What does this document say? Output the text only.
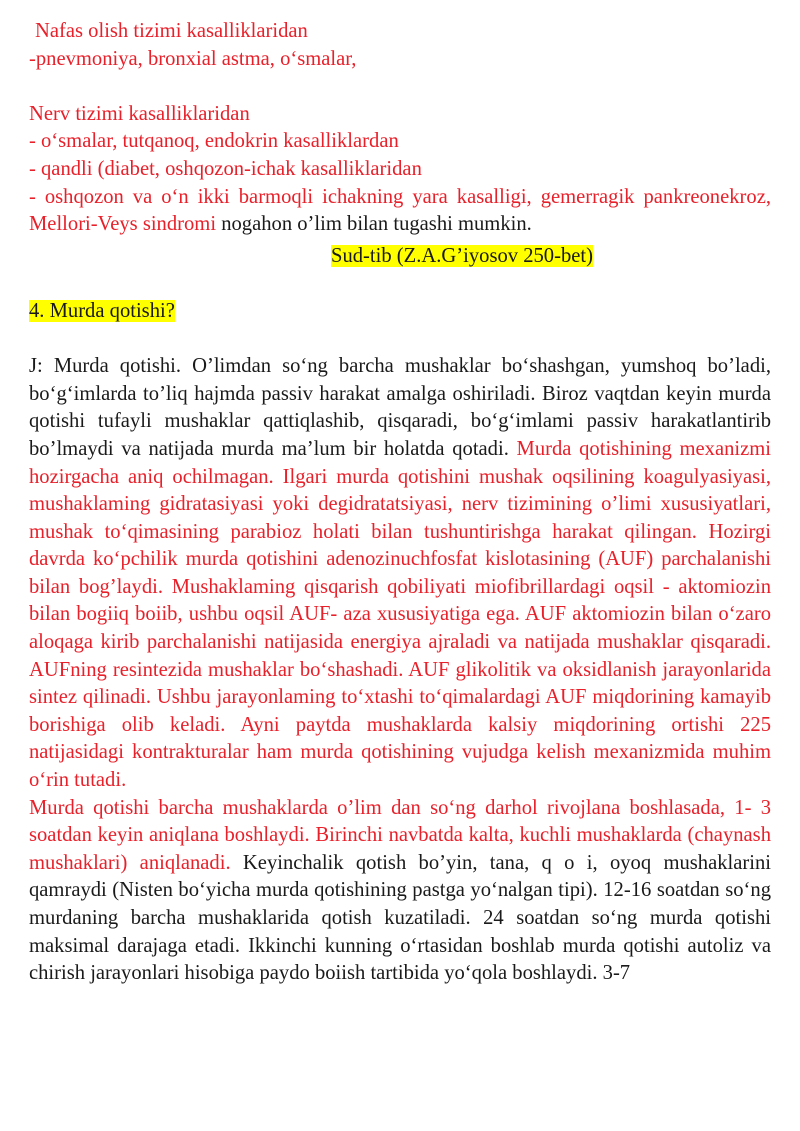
Nafas olish tizimi kasalliklaridan

-pnevmoniya, bronxial astma, o‘smalar,

Nerv tizimi kasalliklaridan

- o‘smalar, tutqanoq, endokrin kasalliklardan

- qandli (diabet, oshqozon-ichak kasalliklaridan

- oshqozon va o‘n ikki barmoqli ichakning yara kasalligi, gemerragik pankreonekroz, Mellori-Veys sindromi nogahon o’lim bilan tugashi mumkin.

Sud-tib (Z.A.G’iyosov 250-bet)

4. Murda qotishi?

J: Murda qotishi. O’limdan so‘ng barcha mushaklar bo‘shashgan, yumshoq bo’ladi, bo‘g‘imlarda to’liq hajmda passiv harakat amalga oshiriladi. Biroz vaqtdan keyin murda qotishi tufayli mushaklar qattiqlashib, qisqaradi, bo‘g‘imlami passiv harakatlantirib bo’lmaydi va natijada murda ma’lum bir holatda qotadi. Murda qotishining mexanizmi hozirgacha aniq ochilmagan. Ilgari murda qotishini mushak oqsilining koagulyasiyasi, mushaklaming gidratasiyasi yoki degidratatsiyasi, nerv tizimining o’limi xususiyatlari, mushak to‘qimasining parabioz holati bilan tushuntirishga harakat qilingan. Hozirgi davrda ko‘pchilik murda qotishini adenozinuchfosfat kislotasining (AUF) parchalanishi bilan bog’laydi. Mushaklaming qisqarish qobiliyati miofibrillardagi oqsil - aktomiozin bilan bogiiq boiib, ushbu oqsil AUF- aza xususiyatiga ega. AUF aktomiozin bilan o‘zaro aloqaga kirib parchalanishi natijasida energiya ajraladi va natijada mushaklar qisqaradi. AUFning resintezida mushaklar bo‘shashadi. AUF glikolitik va oksidlanish jarayonlarida sintez qilinadi. Ushbu jarayonlaming to‘xtashi to‘qimalardagi AUF miqdorining kamayib borishiga olib keladi. Ayni paytda mushaklarda kalsiy miqdorining ortishi 225 natijasidagi kontrakturalar ham murda qotishining vujudga kelish mexanizmida muhim o‘rin tutadi.

Murda qotishi barcha mushaklarda o’lim dan so‘ng darhol rivojlana boshlasada, 1- 3 soatdan keyin aniqlana boshlaydi. Birinchi navbatda kalta, kuchli mushaklarda (chaynash mushaklari) aniqlanadi. Keyinchalik qotish bo’yin, tana, q o i, oyoq mushaklarini qamraydi (Nisten bo‘yicha murda qotishining pastga yo‘nalgan tipi). 12-16 soatdan so‘ng murdaning barcha mushaklarida qotish kuzatiladi. 24 soatdan so‘ng murda qotishi maksimal darajaga etadi. Ikkinchi kunning o‘rtasidan boshlab murda qotishi autoliz va chirish jarayonlari hisobiga paydo boiish tartibida yo‘qola boshlaydi. 3-7
